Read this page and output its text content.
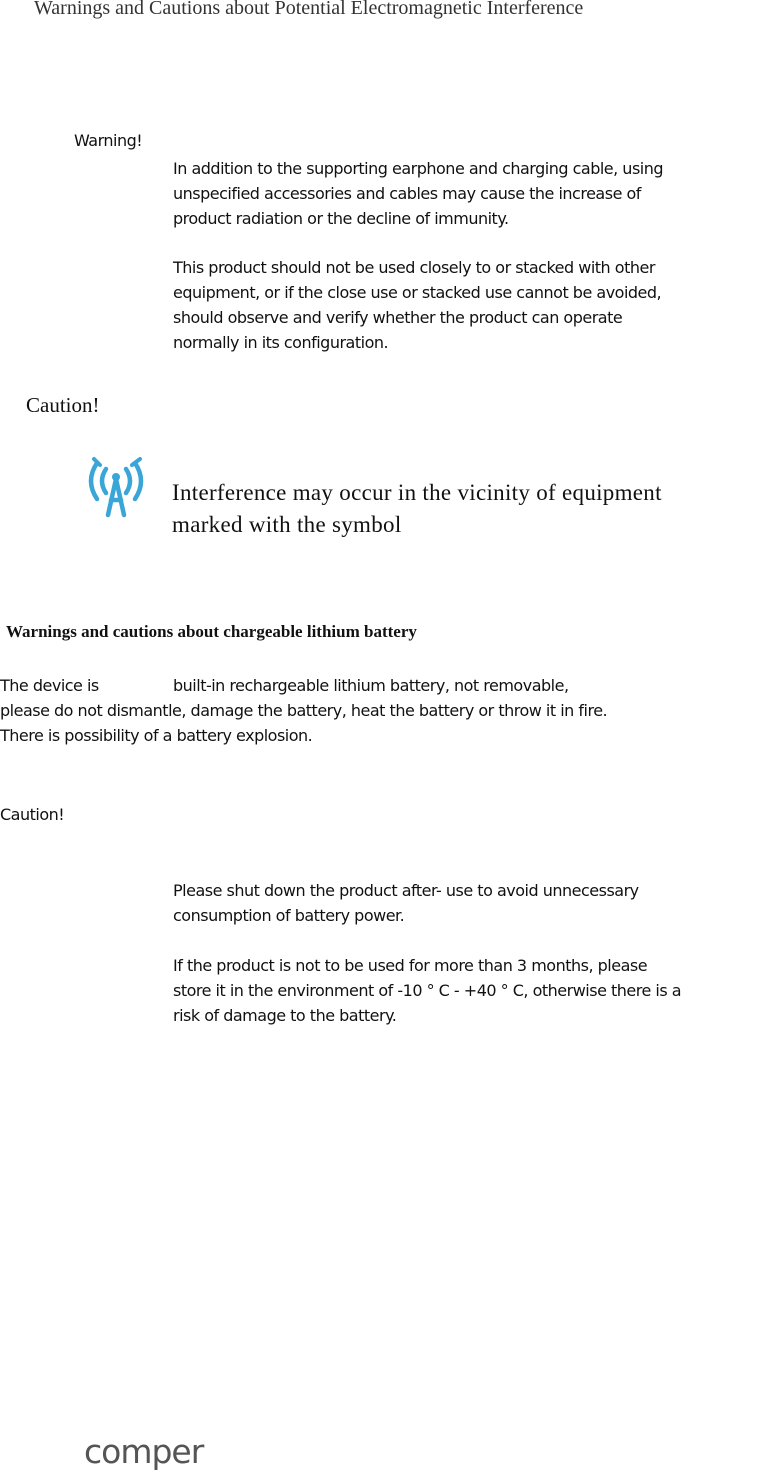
Warnings and Cautions about Potential Electromagnetic Interference
Warning!
In addition to the supporting earphone and charging cable, using
unspecified accessories and cables may cause the increase of
product radiation or the decline of immunity.
This product should not be used closely to or stacked with other
equipment, or if the close use or stacked use cannot be avoided,
should observe and verify whether the product can operate
normally in its configuration.
Caution!
Interference may occur in the vicinity of equipment
marked with the symbol
Warnings and cautions about chargeable lithium battery
The device is	built-in rechargeable lithium battery, not removable,
please do not dismantle, damage the battery, heat the battery or throw it in fire.
There is possibility of a battery explosion.
Caution!
Please shut down the product after- use to avoid unnecessary
consumption of battery power.
If the product is not to be used for more than 3 months, please
store it in the environment of -10 ° C - +40 ° C, otherwise there is a
risk of damage to the battery.
comper
